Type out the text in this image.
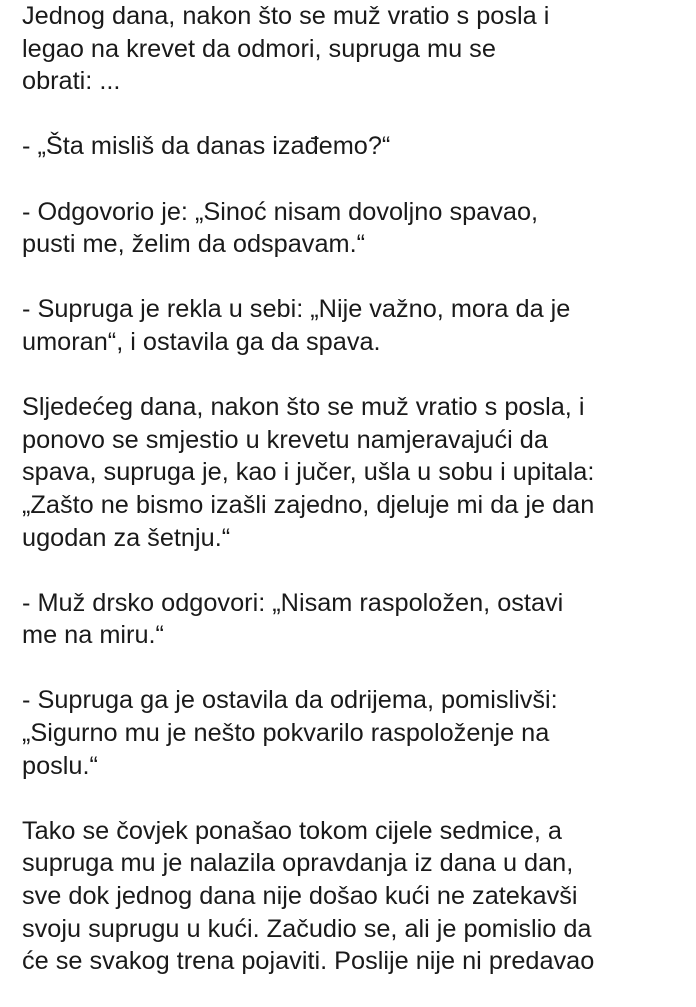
Jednog dana, nakon što se muž vratio s posla i
legao na krevet da odmori, supruga mu se
obrati: ...

- „Šta misliš da danas izađemo?“

- Odgovorio je: „Sinoć nisam dovoljno spavao,
pusti me, želim da odspavam.“

- Supruga je rekla u sebi: „Nije važno, mora da je
umoran“, i ostavila ga da spava.

Sljedećeg dana, nakon što se muž vratio s posla, i
ponovo se smjestio u krevetu namjeravajući da
spava, supruga je, kao i jučer, ušla u sobu i upitala:
„Zašto ne bismo izašli zajedno, djeluje mi da je dan
ugodan za šetnju.“

- Muž drsko odgovori: „Nisam raspoložen, ostavi
me na miru.“

- Supruga ga je ostavila da odrijema, pomislivši:
„Sigurno mu je nešto pokvarilo raspoloženje na
poslu.“

Tako se čovjek ponašao tokom cijele sedmice, a
supruga mu je nalazila opravdanja iz dana u dan,
sve dok jednog dana nije došao kući ne zatekavši
svoju suprugu u kući. Začudio se, ali je pomislio da
će se svakog trena pojaviti. Poslije nije ni predavao
